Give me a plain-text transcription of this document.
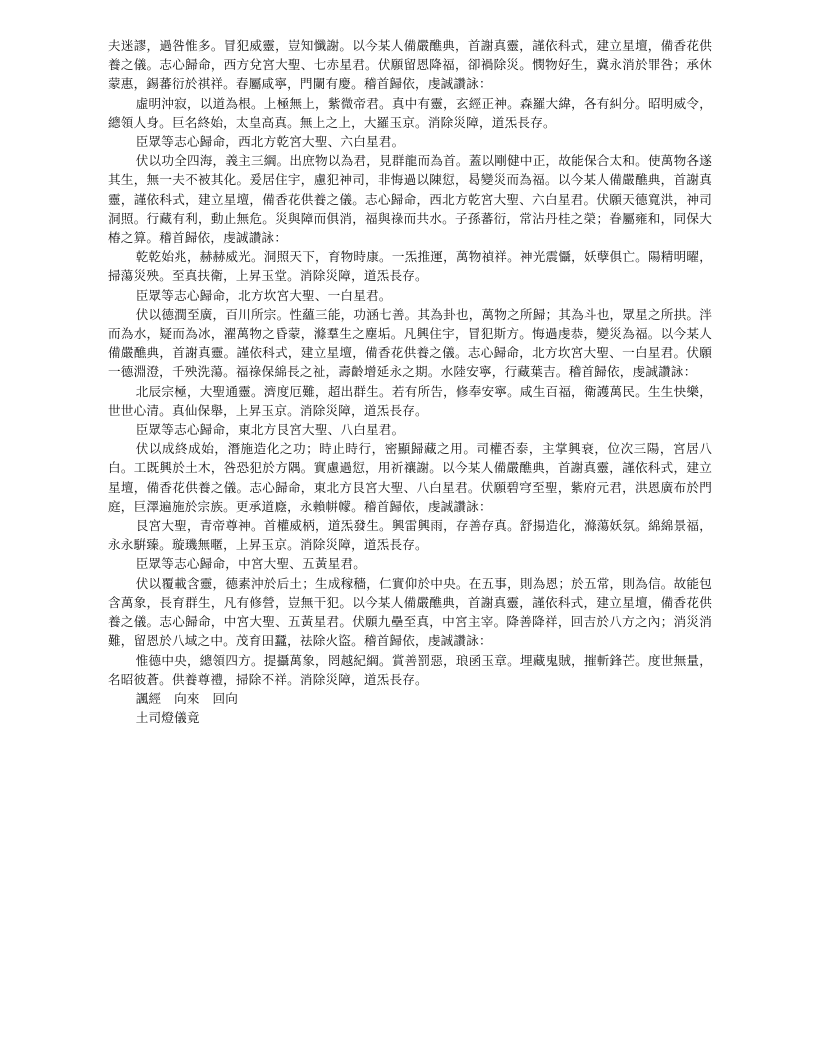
夫迷謬，過咎惟多。冒犯威靈，豈知懺謝。以今某人備嚴醮典，首謝真靈，謹依科式，建立星壇，備香花供養之儀。志心歸命，西方兌宮大聖、七赤星君。伏願留恩降福，卻禍除災。憫物好生，冀永消於罪咎；承休蒙惠，錫蕃衍於祺祥。春屬咸寧，門闌有慶。稽首歸依，虔誠讚詠：

虛明沖寂，以道為根。上極無上，紫微帝君。真中有靈，玄經正神。森羅大緯，各有糾分。昭明威令，總領人身。巨名終始，太皇高真。無上之上，大羅玉京。消除災障，道炁長存。

臣眾等志心歸命，西北方乾宮大聖、六白星君。

伏以功全四海，義主三綱。出庶物以為君，見群龍而為首。蓋以剛健中正，故能保合太和。使萬物各遂其生，無一夫不被其化。爰居住宇，慮犯神司，非悔過以陳愆，曷變災而為福。以今某人備嚴醮典，首謝真靈，謹依科式，建立星壇，備香花供養之儀。志心歸命，西北方乾宮大聖、六白星君。伏願天德寬洪，神司洞照。行藏有利，動止無危。災與障而俱消，福與祿而共水。子孫蕃衍，常沾丹桂之榮；眷屬雍和，同保大椿之算。稽首歸依，虔誠讚詠：

乾乾始兆，赫赫威光。洞照天下，育物時康。一炁推運，萬物禎祥。神光震懾，妖孽俱亡。陽精明曜，掃蕩災殃。至真扶衛，上昇玉堂。消除災障，道炁長存。

臣眾等志心歸命，北方坎宮大聖、一白星君。

伏以德潤至廣，百川所宗。性蘊三能，功涵七善。其為卦也，萬物之所歸；其為斗也，眾星之所拱。泮而為水，疑而為冰，濯萬物之昏蒙，滌羣生之塵垢。凡興住宇，冒犯斯方。悔過虔恭，變災為福。以今某人備嚴醮典，首謝真靈。謹依科式，建立星壇，備香花供養之儀。志心歸命，北方坎宮大聖、一白星君。伏願一德淵澄，千殃洗蕩。福祿保綿長之祉，壽齡增延永之期。水陸安寧，行藏葉吉。稽首歸依，虔誠讚詠：

北辰宗極，大聖通靈。濟度厄難，超出群生。若有所告，修奉安寧。咸生百福，衛護萬民。生生快樂，世世心清。真仙保舉，上昇玉京。消除災障，道炁長存。

臣眾等志心歸命，東北方艮宮大聖、八白星君。

伏以成終成始，潛施造化之功；時止時行，密顯歸藏之用。司權否泰，主掌興衰，位次三陽，宮居八白。工既興於土木，咎恐犯於方隅。實慮過愆，用祈禳謝。以今某人備嚴醮典，首謝真靈，謹依科式，建立星壇，備香花供養之儀。志心歸命，東北方艮宮大聖、八白星君。伏願碧穹至聖，紫府元君，洪恩廣布於門庭，巨澤遍施於宗族。更承道廕，永賴帡幪。稽首歸依，虔誠讚詠：

艮宮大聖，青帝尊神。首權威柄，道炁發生。興雷興雨，存善存真。舒揚造化，滌蕩妖氛。綿綿景福，永永騈臻。璇璣無暱，上昇玉京。消除災障，道炁長存。

臣眾等志心歸命，中宮大聖、五黃星君。

伏以覆載含靈，德素沖於后土；生成稼穡，仁實仰於中央。在五事，則為恩；於五常，則為信。故能包含萬象，長育群生，凡有修營，豈無干犯。以今某人備嚴醮典，首謝真靈，謹依科式，建立星壇，備香花供養之儀。志心歸命，中宮大聖、五黃星君。伏願九壘至真，中宮主宰。降善降祥，回吉於八方之內；消災消難，留恩於八域之中。茂育田蠶，祛除火盜。稽首歸依，虔誠讚詠：

惟德中央，總領四方。提攝萬象，罔越紀綱。賞善罰惡，琅函玉章。埋藏鬼賊，摧斬鋒芒。度世無量，名昭彼蒼。供養尊禮，掃除不祥。消除災障，道炁長存。

諷經　向來　回向

土司燈儀竟
